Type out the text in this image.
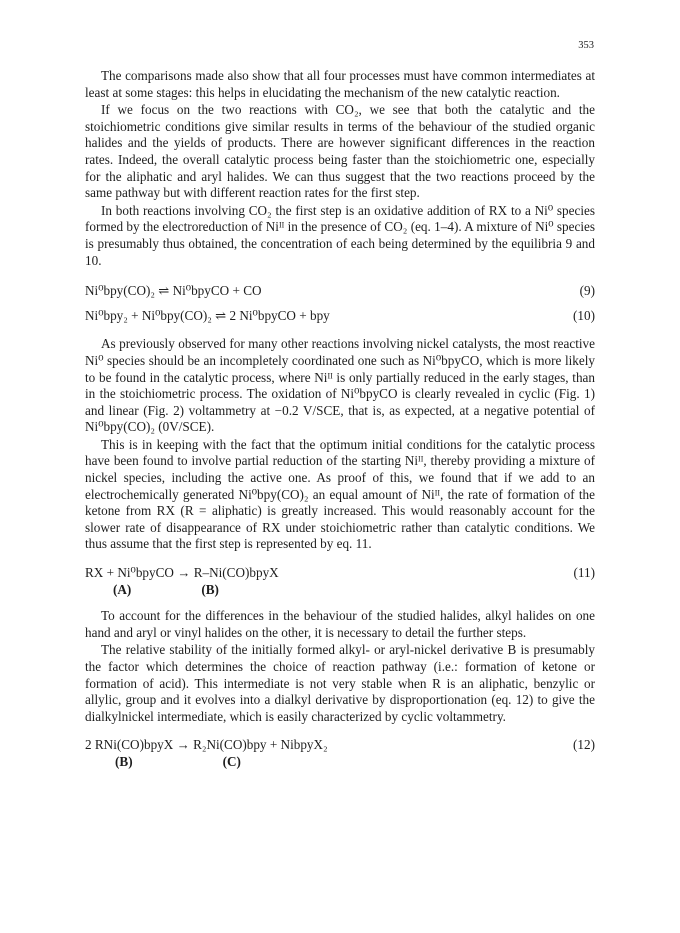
353

The comparisons made also show that all four processes must have common intermediates at least at some stages: this helps in elucidating the mechanism of the new catalytic reaction.

If we focus on the two reactions with CO₂, we see that both the catalytic and the stoichiometric conditions give similar results in terms of the behaviour of the studied organic halides and the yields of products. There are however significant differences in the reaction rates. Indeed, the overall catalytic process being faster than the stoichiometric one, especially for the aliphatic and aryl halides. We can thus suggest that the two reactions proceed by the same pathway but with different reaction rates for the first step.

In both reactions involving CO₂ the first step is an oxidative addition of RX to a Ni⁰ species formed by the electroreduction of Niᴵᴵ in the presence of CO₂ (eq. 1–4). A mixture of Ni⁰ species is presumably thus obtained, the concentration of each being determined by the equilibria 9 and 10.

Ni⁰bpy(CO)₂ ⇌ Ni⁰bpyCO + CO	(9)
Ni⁰bpy₂ + Ni⁰bpy(CO)₂ ⇌ 2 Ni⁰bpyCO + bpy	(10)

As previously observed for many other reactions involving nickel catalysts, the most reactive Ni⁰ species should be an incompletely coordinated one such as Ni⁰bpyCO, which is more likely to be found in the catalytic process, where Niᴵᴵ is only partially reduced in the early stages, than in the stoichiometric process. The oxidation of Ni⁰bpyCO is clearly revealed in cyclic (Fig. 1) and linear (Fig. 2) voltammetry at −0.2 V/SCE, that is, as expected, at a negative potential of Ni⁰bpy(CO)₂ (0V/SCE).

This is in keeping with the fact that the optimum initial conditions for the catalytic process have been found to involve partial reduction of the starting Niᴵᴵ, thereby providing a mixture of nickel species, including the active one. As proof of this, we found that if we add to an electrochemically generated Ni⁰bpy(CO)₂ an equal amount of Niᴵᴵ, the rate of formation of the ketone from RX (R = aliphatic) is greatly increased. This would reasonably account for the slower rate of disappearance of RX under stoichiometric rather than catalytic conditions. We thus assume that the first step is represented by eq. 11.

RX + Ni⁰bpyCO → R–Ni(CO)bpyX	(11)
(A)	(B)

To account for the differences in the behaviour of the studied halides, alkyl halides on one hand and aryl or vinyl halides on the other, it is necessary to detail the further steps.

The relative stability of the initially formed alkyl- or aryl-nickel derivative B is presumably the factor which determines the choice of reaction pathway (i.e.: formation of ketone or formation of acid). This intermediate is not very stable when R is an aliphatic, benzylic or allylic, group and it evolves into a dialkyl derivative by disproportionation (eq. 12) to give the dialkylnickel intermediate, which is easily characterized by cyclic voltammetry.

2 RNi(CO)bpyX → R₂Ni(CO)bpy + NibpyX₂	(12)
(B)	(C)
